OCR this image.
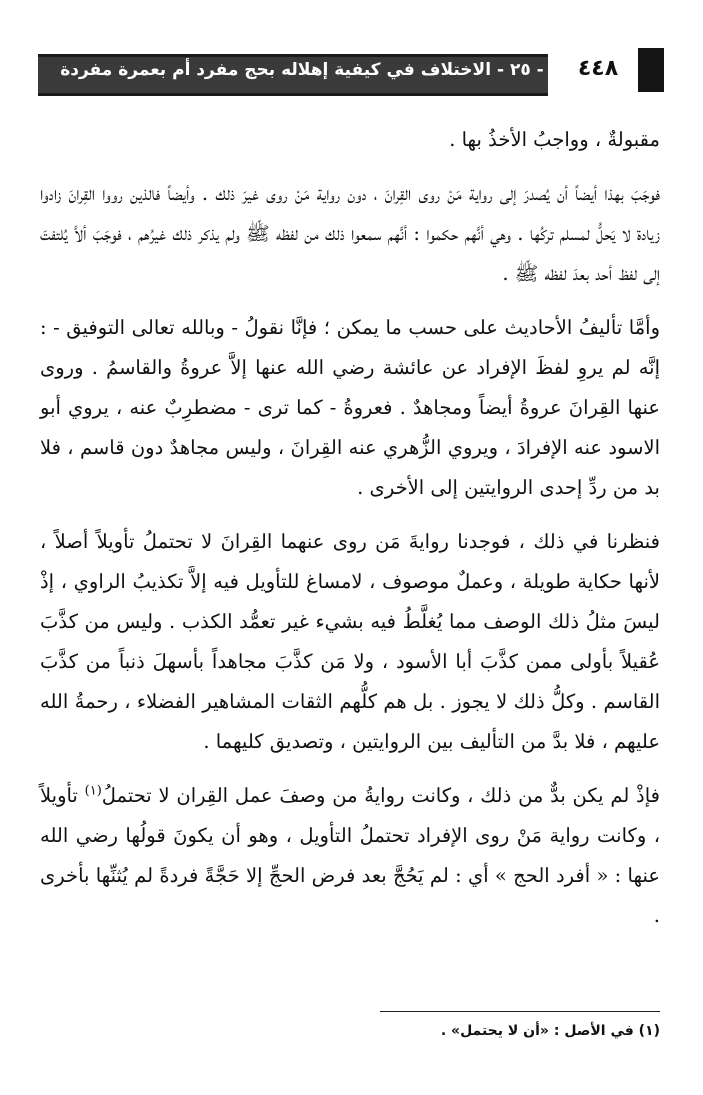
٣ - ٢٥ - الاختلاف في كيفية إهلاله بحج مفرد أم بعمرة مفردة ٤٤٨

مقبولةٌ ، وواجبُ الأخذُ بها .

فوجَبَ بهذا أيضاً أن يُصدرَ إلى رواية مَنْ روى القِرانَ ، دون رواية مَنْ روى غيرَ ذلك . وأيضاً فالذين رووا القِرانَ زادوا زيادة لا يَحلُّ لمسلم تركُها . وهي أنَّهم حكموا : أنَّهم سمعوا ذلك من لفظه ﷺ ولم يذكر ذلك غيرُهم ، فوجَبَ ألاَّ يُلتفتَ إلى لفظ أحد بعدَ لفظه ﷺ .

وأمَّا تأليفُ الأحاديث على حسب ما يمكن ؛ فإنَّا نقولُ - وبالله تعالى التوفيق - : إنَّه لم يروِ لفظَ الإفراد عن عائشة رضي الله عنها إلاَّ عروةُ والقاسمُ . وروى عنها القِرانَ عروةُ أيضاً ومجاهدٌ . فعروةُ - كما ترى - مضطرِبٌ عنه ، يروي أبو الاسود عنه الإفرادَ ، ويروي الزُّهري عنه القِرانَ ، وليس مجاهدٌ دون قاسم ، فلا بد من ردِّ إحدى الروايتين إلى الأخرى .

فنظرنا في ذلك ، فوجدنا روايةَ مَن روى عنهما القِرانَ لا تحتملُ تأويلاً أصلاً ، لأنها حكاية طويلة ، وعملٌ موصوف ، لامساغ للتأويل فيه إلاَّ تكذيبُ الراوي ، إذْ ليسَ مثلُ ذلك الوصف مما يُغلَّطُ فيه بشيء غير تعمُّد الكذب . وليس من كذَّبَ عُقيلاً بأولى ممن كذَّبَ أبا الأسود ، ولا مَن كذَّبَ مجاهداً بأسهلَ ذنباً من كذَّبَ القاسم . وكلُّ ذلك لا يجوز . بل هم كلُّهم الثقات المشاهير الفضلاء ، رحمةُ الله عليهم ، فلا بدَّ من التأليف بين الروايتين ، وتصديق كليهما .

فإذْ لم يكن بدٌّ من ذلك ، وكانت روايةُ من وصفَ عمل القِران لا تحتملُ$^{(١)}$ تأويلاً ، وكانت رواية مَنْ روى الإفراد تحتملُ التأويل ، وهو أن يكونَ قولُها رضي الله عنها : « أفرد الحج » أي : لم يَحُجَّ بعد فرض الحجِّ إلا حَجَّةً فردةً لم يُثنِّها بأخرى .

(١) في الأصل : «أن لا يحتمل» .
